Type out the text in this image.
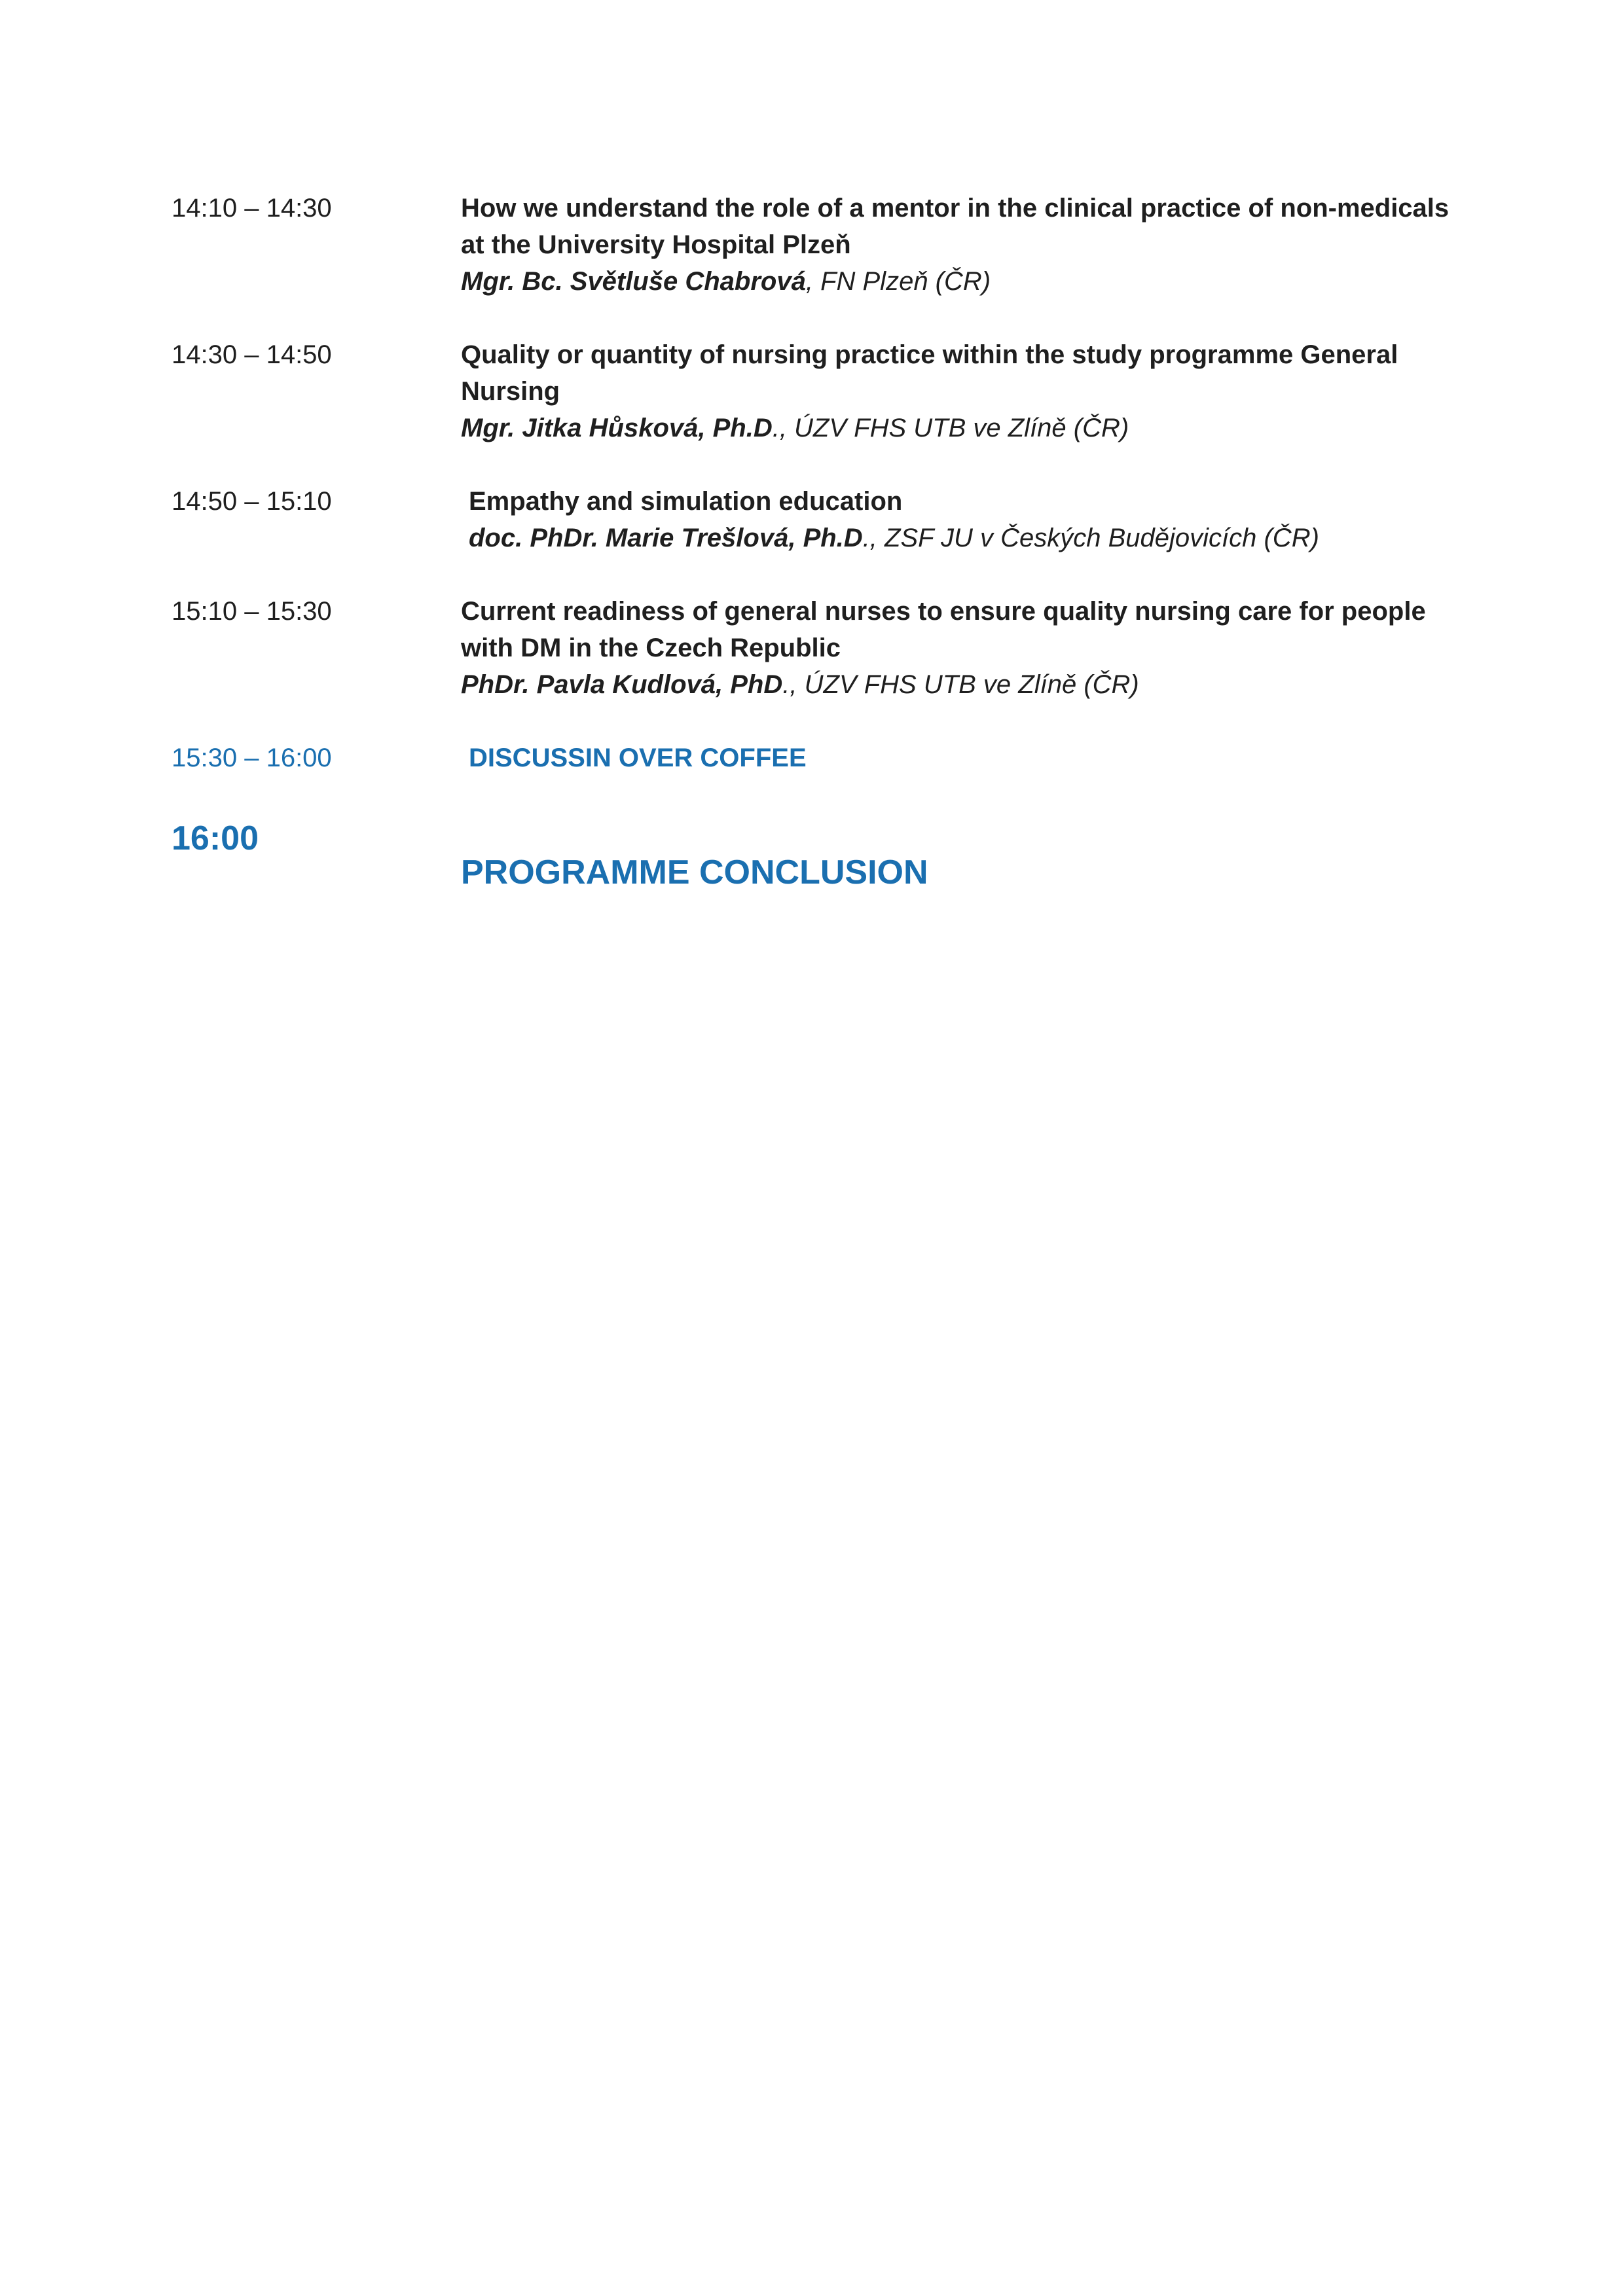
14:10 – 14:30	How we understand the role of a mentor in the clinical practice of non-medicals

at the University Hospital Plzeň

Mgr. Bc. Světluše Chabrová, FN Plzeň (ČR)

14:30 – 14:50	Quality or quantity of nursing practice within the study programme General

Nursing

Mgr. Jitka Hůsková, Ph.D., ÚZV FHS UTB ve Zlíně (ČR)

14:50 – 15:10	Empathy and simulation education

doc. PhDr. Marie Trešlová, Ph.D., ZSF JU v Českých Budějovicích (ČR)

15:10 – 15:30	Current readiness of general nurses to ensure quality nursing care for people

with DM in the Czech Republic

PhDr. Pavla Kudlová, PhD., ÚZV FHS UTB ve Zlíně (ČR)

15:30 – 16:00	DISCUSSIN OVER COFFEE

16:00

PROGRAMME CONCLUSION
